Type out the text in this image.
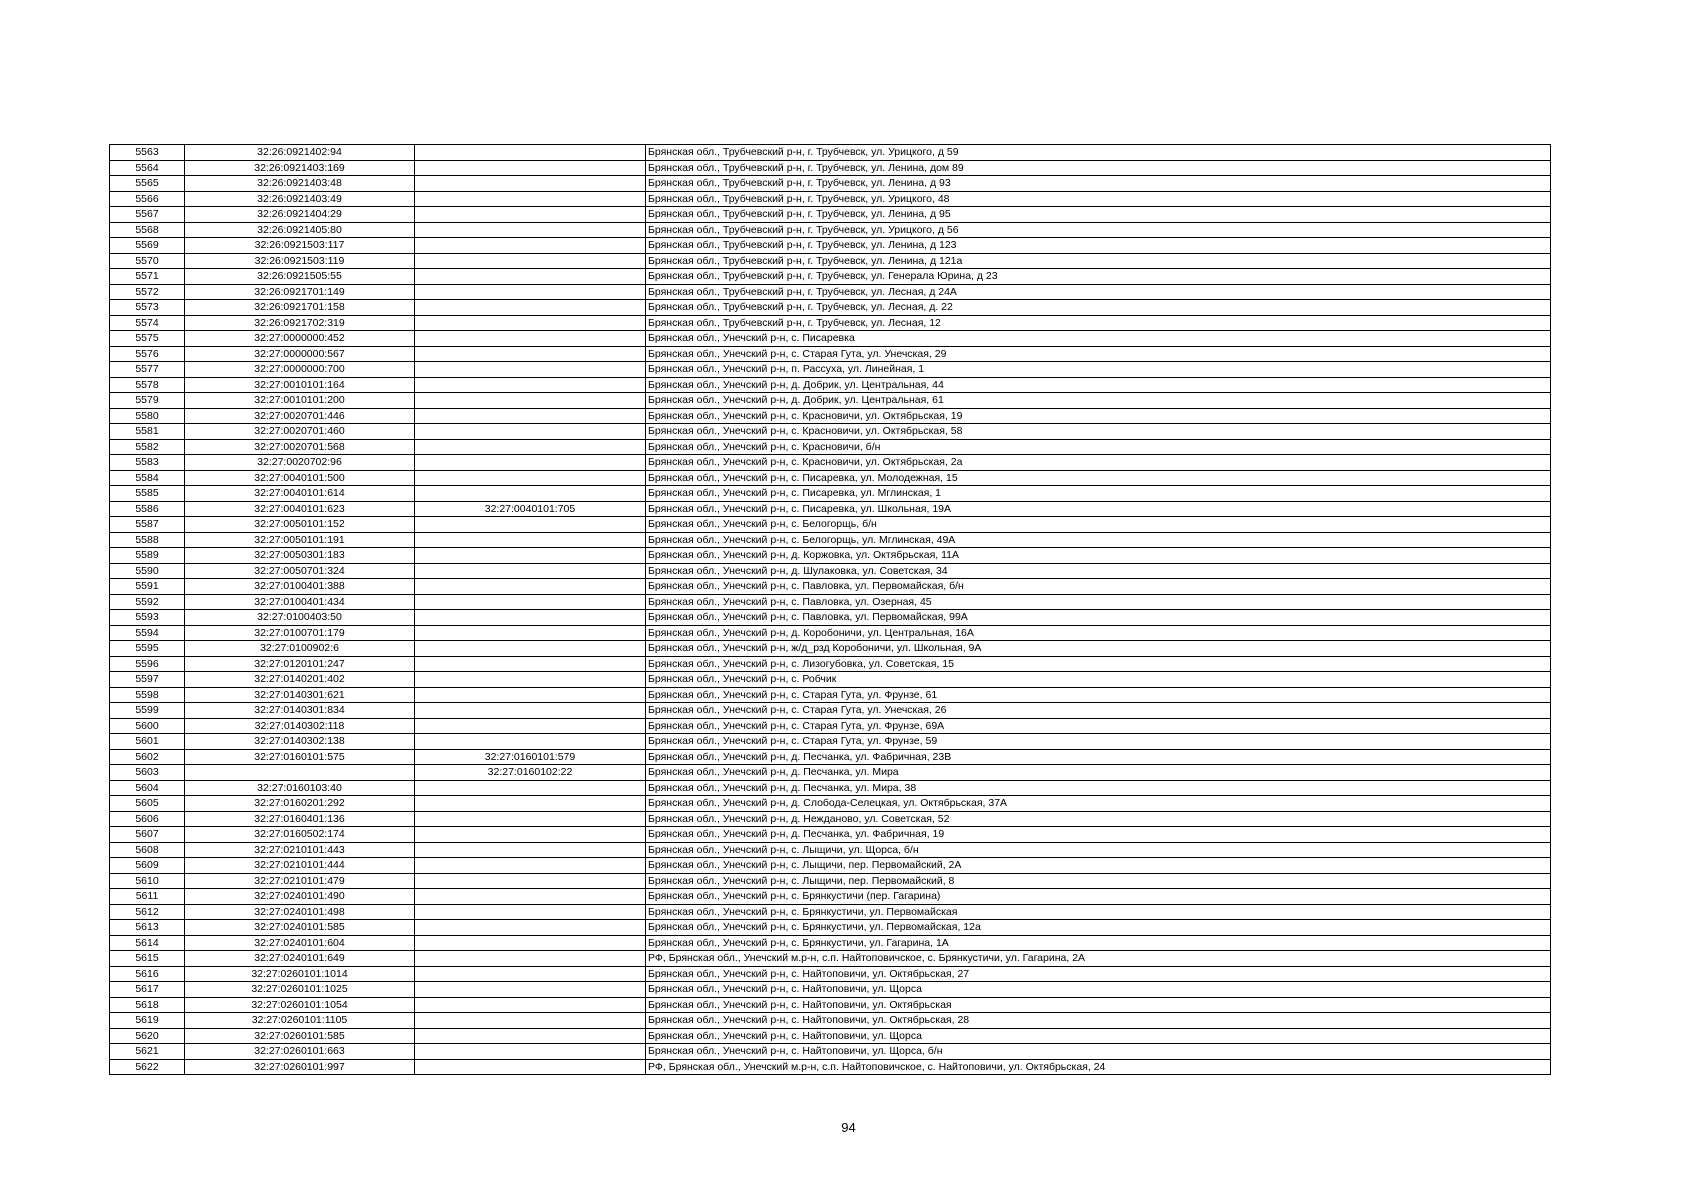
5563	32:26:0921402:94		Брянская обл., Трубчевский р-н, г. Трубчевск, ул. Урицкого, д 59
5564	32:26:0921403:169		Брянская обл., Трубчевский р-н, г. Трубчевск, ул. Ленина, дом 89
5565	32:26:0921403:48		Брянская обл., Трубчевский р-н, г. Трубчевск, ул. Ленина, д 93
5566	32:26:0921403:49		Брянская обл., Трубчевский р-н, г. Трубчевск, ул. Урицкого, 48
5567	32:26:0921404:29		Брянская обл., Трубчевский р-н, г. Трубчевск, ул. Ленина, д 95
5568	32:26:0921405:80		Брянская обл., Трубчевский р-н, г. Трубчевск, ул. Урицкого, д 56
5569	32:26:0921503:117		Брянская обл., Трубчевский р-н, г. Трубчевск, ул. Ленина, д 123
5570	32:26:0921503:119		Брянская обл., Трубчевский р-н, г. Трубчевск, ул. Ленина, д 121а
5571	32:26:0921505:55		Брянская обл., Трубчевский р-н, г. Трубчевск, ул. Генерала Юрина, д 23
5572	32:26:0921701:149		Брянская обл., Трубчевский р-н, г. Трубчевск, ул. Лесная, д 24А
5573	32:26:0921701:158		Брянская обл., Трубчевский р-н, г. Трубчевск, ул. Лесная, д. 22
5574	32:26:0921702:319		Брянская обл., Трубчевский р-н, г. Трубчевск, ул. Лесная, 12
5575	32:27:0000000:452		Брянская обл., Унечский р-н, с. Писаревка
5576	32:27:0000000:567		Брянская обл., Унечский р-н, с. Старая Гута, ул. Унечская, 29
5577	32:27:0000000:700		Брянская обл., Унечский р-н, п. Рассуха, ул. Линейная, 1
5578	32:27:0010101:164		Брянская обл., Унечский р-н, д. Добрик, ул. Центральная, 44
5579	32:27:0010101:200		Брянская обл., Унечский р-н, д. Добрик, ул. Центральная, 61
5580	32:27:0020701:446		Брянская обл., Унечский р-н, с. Красновичи, ул. Октябрьская, 19
5581	32:27:0020701:460		Брянская обл., Унечский р-н, с. Красновичи, ул. Октябрьская, 58
5582	32:27:0020701:568		Брянская обл., Унечский р-н, с. Красновичи, б/н
5583	32:27:0020702:96		Брянская обл., Унечский р-н, с. Красновичи, ул. Октябрьская, 2а
5584	32:27:0040101:500		Брянская обл., Унечский р-н, с. Писаревка, ул. Молодежная, 15
5585	32:27:0040101:614		Брянская обл., Унечский р-н, с. Писаревка, ул. Мглинская, 1
5586	32:27:0040101:623	32:27:0040101:705	Брянская обл., Унечский р-н, с. Писаревка, ул. Школьная, 19А
5587	32:27:0050101:152		Брянская обл., Унечский р-н, с. Белогорщь, б/н
5588	32:27:0050101:191		Брянская обл., Унечский р-н, с. Белогорщь, ул. Мглинская, 49А
5589	32:27:0050301:183		Брянская обл., Унечский р-н, д. Коржовка, ул. Октябрьская, 11А
5590	32:27:0050701:324		Брянская обл., Унечский р-н, д. Шулаковка, ул. Советская, 34
5591	32:27:0100401:388		Брянская обл., Унечский р-н, с. Павловка, ул. Первомайская, б/н
5592	32:27:0100401:434		Брянская обл., Унечский р-н, с. Павловка, ул. Озерная, 45
5593	32:27:0100403:50		Брянская обл., Унечский р-н, с. Павловка, ул. Первомайская, 99А
5594	32:27:0100701:179		Брянская обл., Унечский р-н, д. Коробоничи, ул. Центральная, 16А
5595	32:27:0100902:6		Брянская обл., Унечский р-н, ж/д_рзд Коробоничи, ул. Школьная, 9А
5596	32:27:0120101:247		Брянская обл., Унечский р-н, с. Лизогубовка, ул. Советская, 15
5597	32:27:0140201:402		Брянская обл., Унечский р-н, с. Робчик
5598	32:27:0140301:621		Брянская обл., Унечский р-н, с. Старая Гута, ул. Фрунзе, 61
5599	32:27:0140301:834		Брянская обл., Унечский р-н, с. Старая Гута, ул. Унечская, 26
5600	32:27:0140302:118		Брянская обл., Унечский р-н, с. Старая Гута, ул. Фрунзе, 69А
5601	32:27:0140302:138		Брянская обл., Унечский р-н, с. Старая Гута, ул. Фрунзе, 59
5602	32:27:0160101:575	32:27:0160101:579	Брянская обл., Унечский р-н, д. Песчанка, ул. Фабричная, 23В
5603		32:27:0160102:22	Брянская обл., Унечский р-н, д. Песчанка, ул. Мира
5604	32:27:0160103:40		Брянская обл., Унечский р-н, д. Песчанка, ул. Мира, 38
5605	32:27:0160201:292		Брянская обл., Унечский р-н, д. Слобода-Селецкая, ул. Октябрьская, 37А
5606	32:27:0160401:136		Брянская обл., Унечский р-н, д. Нежданово, ул. Советская, 52
5607	32:27:0160502:174		Брянская обл., Унечский р-н, д. Песчанка, ул. Фабричная, 19
5608	32:27:0210101:443		Брянская обл., Унечский р-н, с. Лыщичи, ул. Щорса, б/н
5609	32:27:0210101:444		Брянская обл., Унечский р-н, с. Лыщичи, пер. Первомайский, 2А
5610	32:27:0210101:479		Брянская обл., Унечский р-н, с. Лыщичи, пер. Первомайский, 8
5611	32:27:0240101:490		Брянская обл., Унечский р-н, с. Брянкустичи (пер. Гагарина)
5612	32:27:0240101:498		Брянская обл., Унечский р-н, с. Брянкустичи, ул. Первомайская
5613	32:27:0240101:585		Брянская обл., Унечский р-н, с. Брянкустичи, ул. Первомайская, 12а
5614	32:27:0240101:604		Брянская обл., Унечский р-н, с. Брянкустичи, ул. Гагарина, 1А
5615	32:27:0240101:649		РФ, Брянская обл., Унечский м.р-н, с.п. Найтоповичское, с. Брянкустичи, ул. Гагарина, 2А
5616	32:27:0260101:1014		Брянская обл., Унечский р-н, с. Найтоповичи, ул. Октябрьская, 27
5617	32:27:0260101:1025		Брянская обл., Унечский р-н, с. Найтоповичи, ул. Щорса
5618	32:27:0260101:1054		Брянская обл., Унечский р-н, с. Найтоповичи, ул. Октябрьская
5619	32:27:0260101:1105		Брянская обл., Унечский р-н, с. Найтоповичи, ул. Октябрьская, 28
5620	32:27:0260101:585		Брянская обл., Унечский р-н, с. Найтоповичи, ул. Щорса
5621	32:27:0260101:663		Брянская обл., Унечский р-н, с. Найтоповичи, ул. Щорса, б/н
5622	32:27:0260101:997		РФ, Брянская обл., Унечский м.р-н, с.п. Найтоповичское, с. Найтоповичи, ул. Октябрьская, 24
94
